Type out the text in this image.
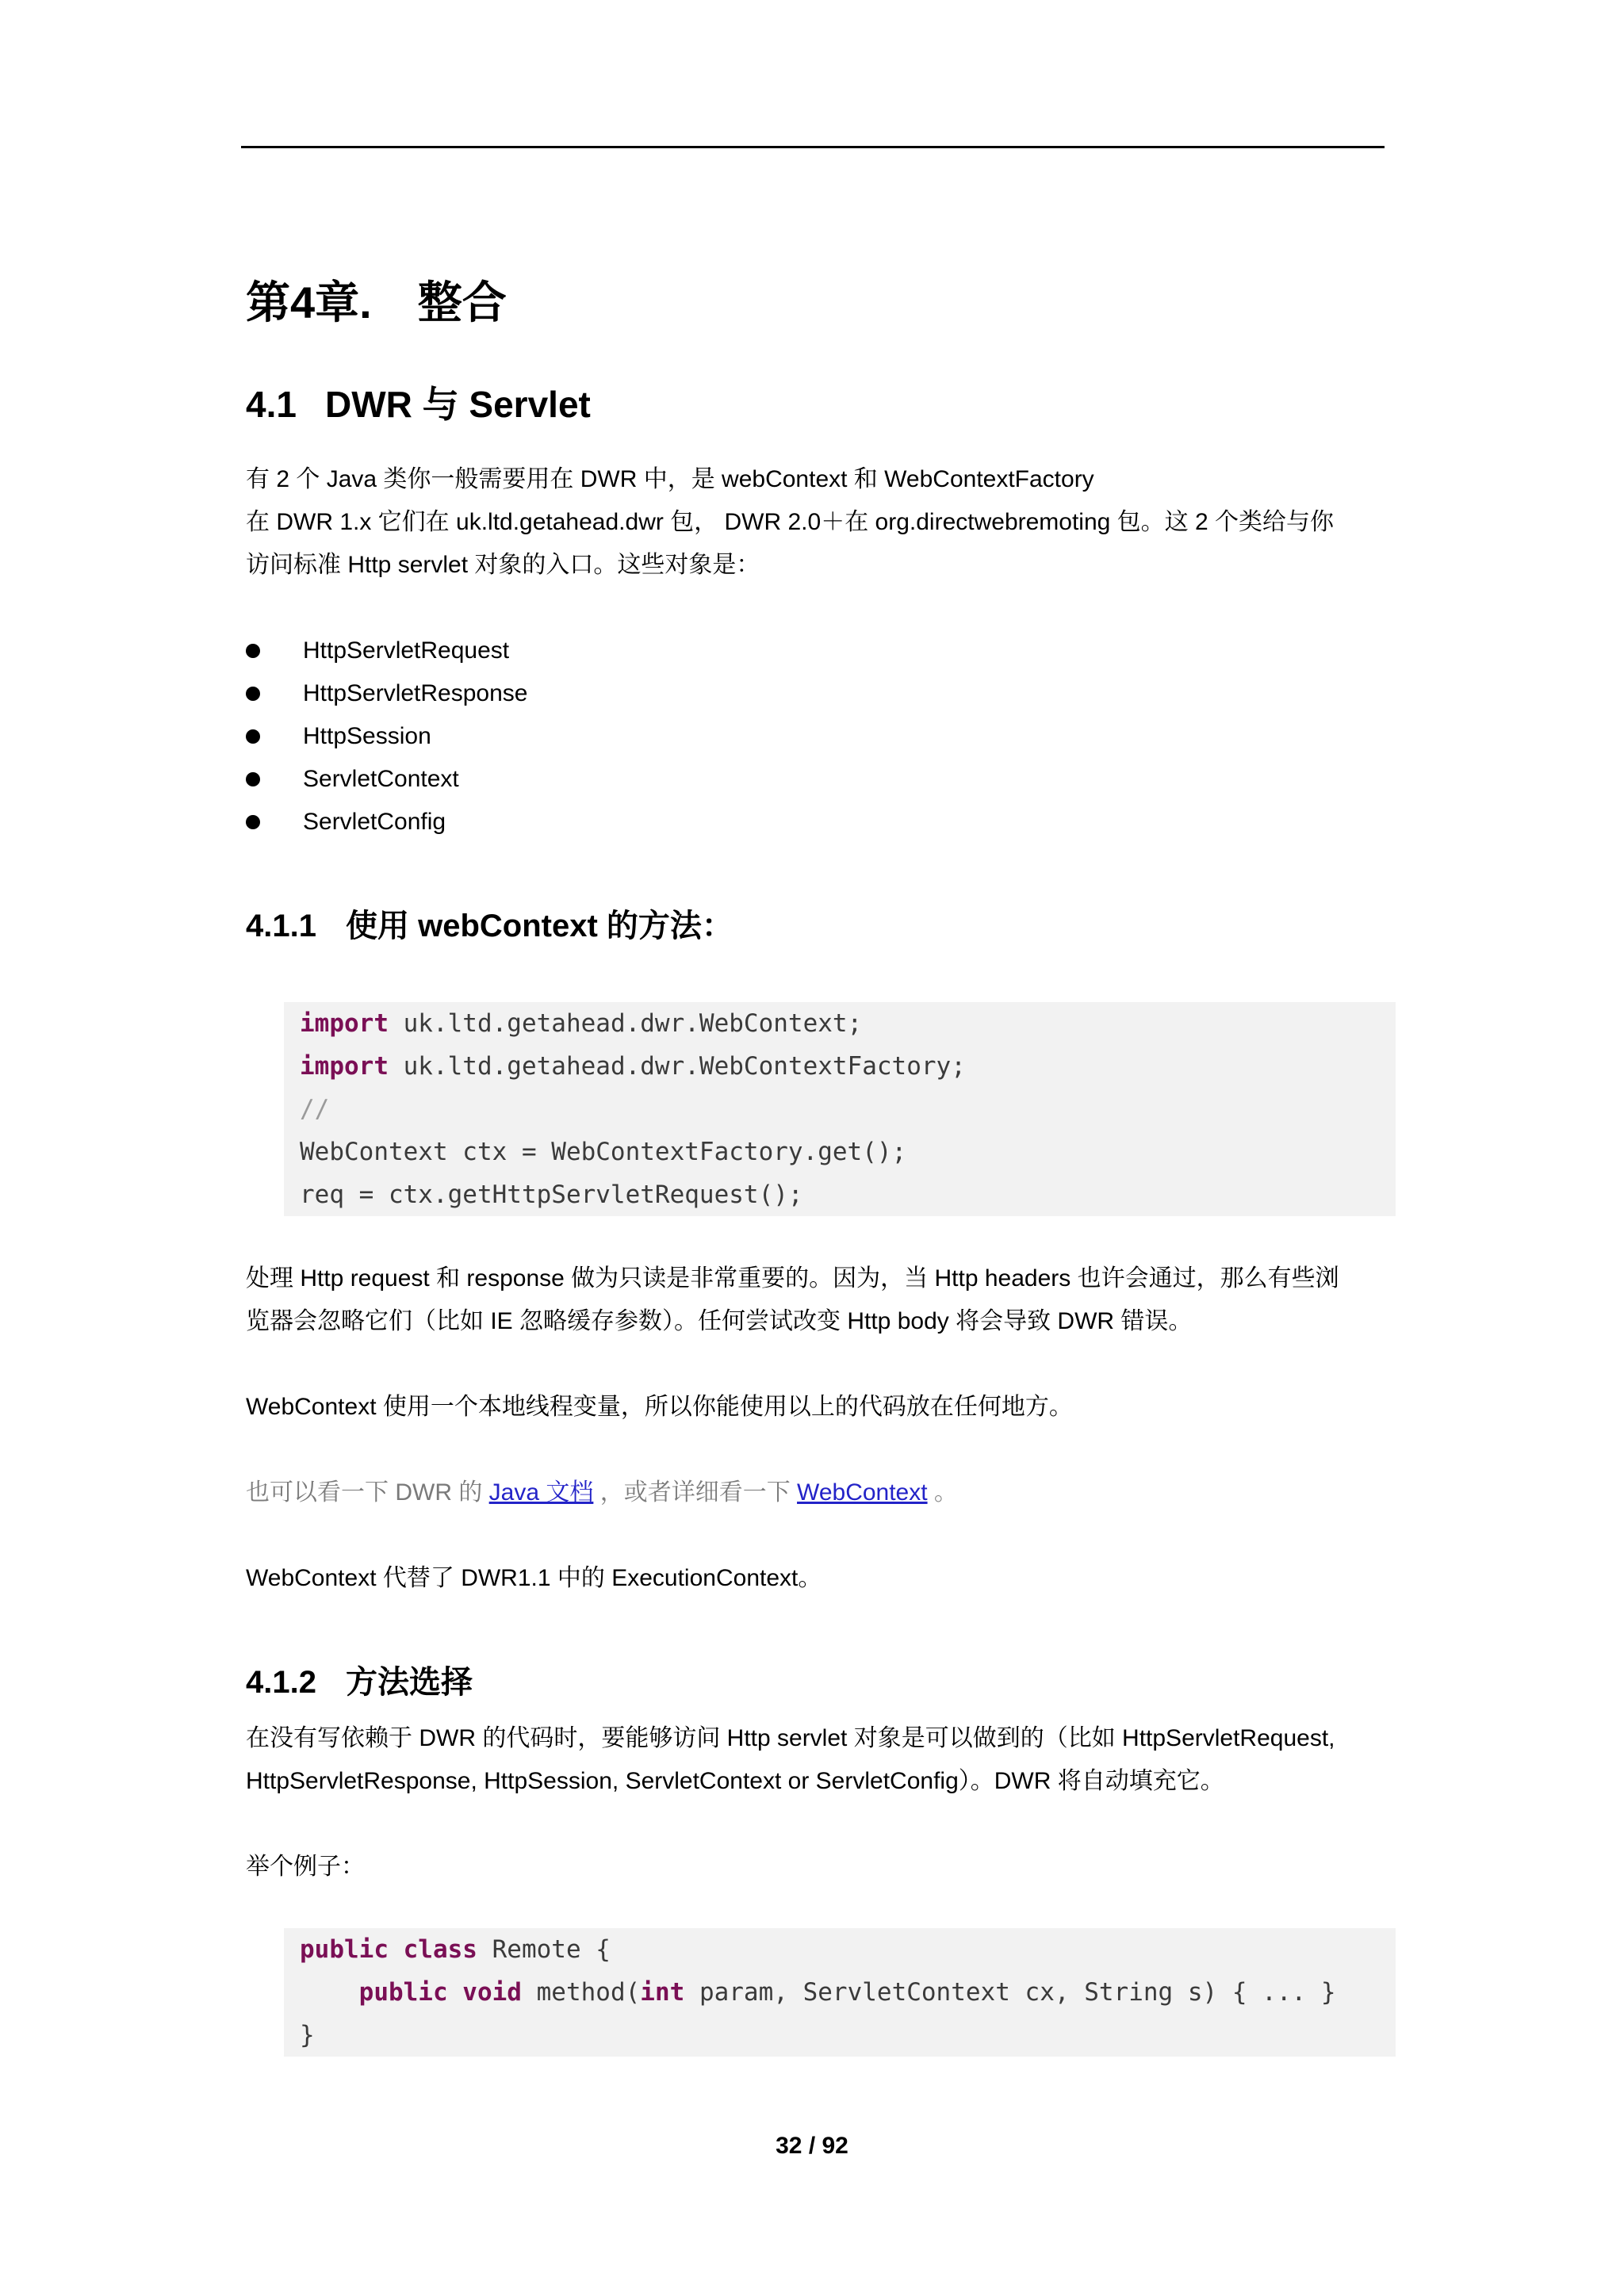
第4章. 整合
4.1 DWR 与 Servlet
有 2 个 Java 类你一般需要用在 DWR 中，是 webContext 和 WebContextFactory
在 DWR 1.x 它们在 uk.ltd.getahead.dwr 包， DWR 2.0＋在 org.directwebremoting 包。这 2 个类给与你
访问标准 Http servlet 对象的入口。这些对象是：
HttpServletRequest
HttpServletResponse
HttpSession
ServletContext
ServletConfig
4.1.1 使用 webContext 的方法：
import uk.ltd.getahead.dwr.WebContext;
import uk.ltd.getahead.dwr.WebContextFactory;
//
WebContext ctx = WebContextFactory.get();
req = ctx.getHttpServletRequest();
处理 Http request 和 response 做为只读是非常重要的。因为，当 Http headers 也许会通过，那么有些浏
览器会忽略它们（比如 IE 忽略缓存参数）。任何尝试改变 Http body 将会导致 DWR 错误。
WebContext 使用一个本地线程变量，所以你能使用以上的代码放在任何地方。
也可以看一下 DWR 的 Java 文档 ，或者详细看一下 WebContext 。
WebContext 代替了 DWR1.1 中的 ExecutionContext。
4.1.2 方法选择
在没有写依赖于 DWR 的代码时，要能够访问 Http servlet 对象是可以做到的（比如 HttpServletRequest,
HttpServletResponse, HttpSession, ServletContext or ServletConfig）。DWR 将自动填充它。
举个例子：
public class Remote {
public void method(int param, ServletContext cx, String s) { ... }
}
32 / 92
